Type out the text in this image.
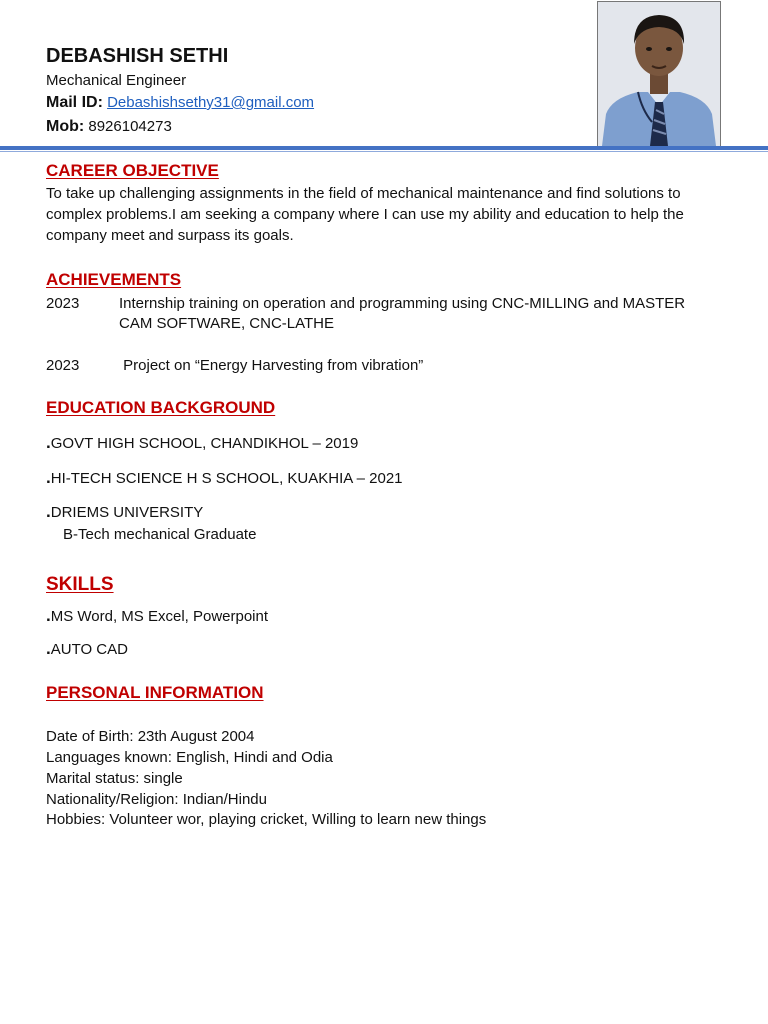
DEBASHISH SETHI
Mechanical Engineer
Mail ID: Debashishsethy31@gmail.com
Mob: 8926104273
CAREER OBJECTIVE

To take up challenging assignments in the field of mechanical maintenance and find solutions to complex problems.I am seeking a company where I can use my ability and education to help the company meet and surpass its goals.

ACHIEVEMENTS
2023	Internship training on operation and programming using CNC-MILLING and MASTER CAM SOFTWARE, CNC-LATHE
2023	Project on “Energy Harvesting from vibration”
EDUCATION BACKGROUND
.GOVT HIGH SCHOOL, CHANDIKHOL – 2019
.HI-TECH SCIENCE H S SCHOOL, KUAKHIA – 2021
.DRIEMS UNIVERSITY
B-Tech mechanical Graduate
SKILLS
.MS Word, MS Excel, Powerpoint
.AUTO CAD
PERSONAL INFORMATION
Date of Birth: 23th August 2004
Languages known: English, Hindi and Odia
Marital status: single
Nationality/Religion: Indian/Hindu
Hobbies: Volunteer wor, playing cricket, Willing to learn new things
